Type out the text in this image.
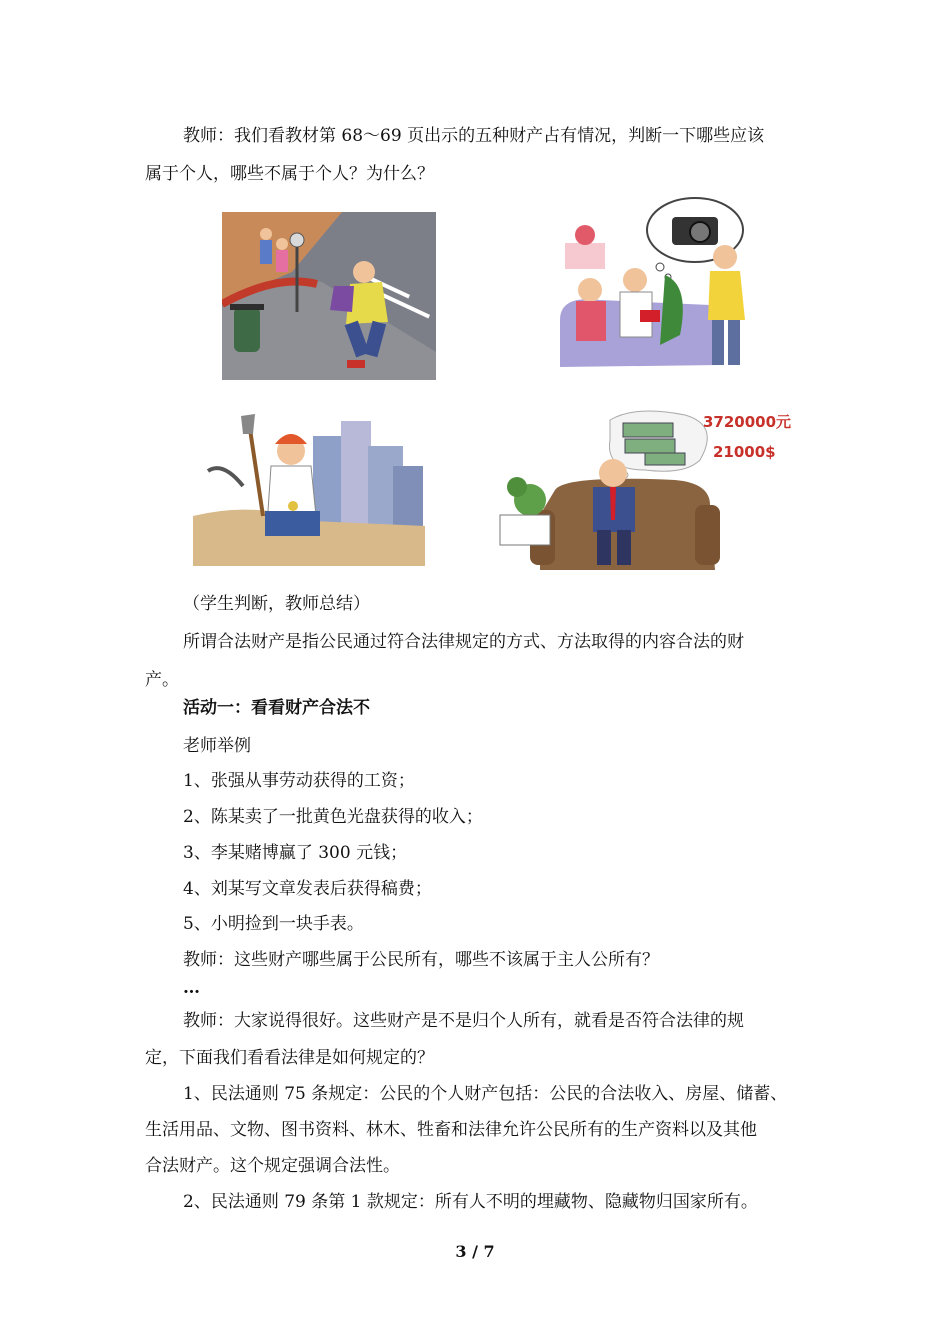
教师：我们看教材第 68～69 页出示的五种财产占有情况，判断一下哪些应该
属于个人，哪些不属于个人？为什么？
3720000元
21000$
（学生判断，教师总结）
所谓合法财产是指公民通过符合法律规定的方式、方法取得的内容合法的财
产。
活动一：看看财产合法不
老师举例
1、张强从事劳动获得的工资；
2、陈某卖了一批黄色光盘获得的收入；
3、李某赌博赢了 300 元钱；
4、刘某写文章发表后获得稿费；
5、小明捡到一块手表。
教师：这些财产哪些属于公民所有，哪些不该属于主人公所有？
…
教师：大家说得很好。这些财产是不是归个人所有，就看是否符合法律的规
定，下面我们看看法律是如何规定的？
1、民法通则 75 条规定：公民的个人财产包括：公民的合法收入、房屋、储蓄、
生活用品、文物、图书资料、林木、牲畜和法律允许公民所有的生产资料以及其他
合法财产。这个规定强调合法性。
2、民法通则 79 条第 1 款规定：所有人不明的埋藏物、隐藏物归国家所有。
3 / 7
